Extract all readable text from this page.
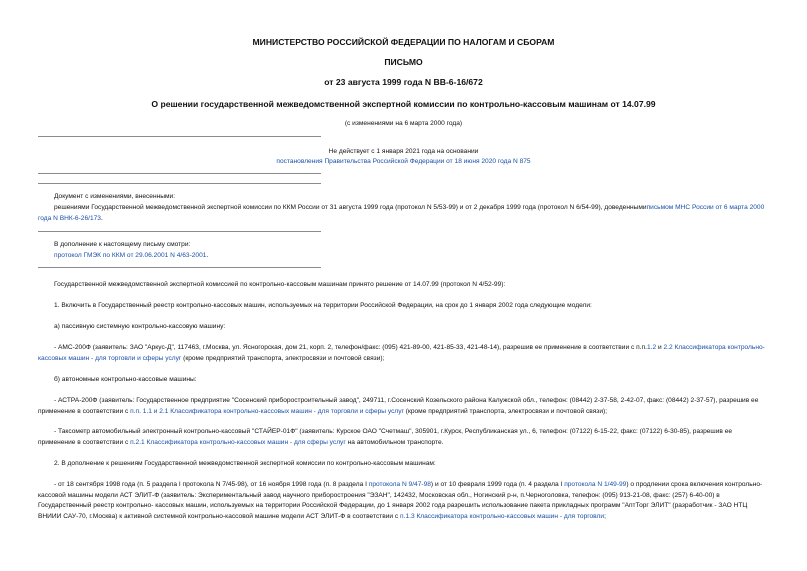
МИНИСТЕРСТВО РОССИЙСКОЙ ФЕДЕРАЦИИ ПО НАЛОГАМ И СБОРАМ
ПИСЬМО
от 23 августа 1999 года N ВВ-6-16/672
О решении государственной межведомственной экспертной комиссии по контрольно-кассовым машинам от 14.07.99
(с изменениями на 6 марта 2000 года)
Не действует с 1 января 2021 года на основании
постановления Правительства Российской Федерации от 18 июня 2020 года N 875

Документ с изменениями, внесенными:

решениями Государственной межведомственной экспертной комиссии по ККМ России от 31 августа 1999 года (протокол N 5/53-99) и от 2 декабря 1999 года (протокол N 6/54-99), доведеннымиписьмом МНС России от 6 марта 2000 года N ВНК-6-26/173.

В дополнение к настоящему письму смотри:

протокол ГМЭК по ККМ от 29.06.2001 N 4/63-2001.

Государственной межведомственной экспертной комиссией по контрольно-кассовым машинам принято решение от 14.07.99 (протокол N 4/52-99):

1. Включить в Государственный реестр контрольно-кассовых машин, используемых на территории Российской Федерации, на срок до 1 января 2002 года следующие модели:

а) пассивную системную контрольно-кассовую машину:

- АМС-200Ф (заявитель: ЗАО "Аркус-Д", 117463, г.Москва, ул. Ясногорская, дом 21, корп. 2, телефон/факс: (095) 421-89-00, 421-85-33, 421-48-14), разрешив ее применение в соответствии с п.п.1.2 и 2.2 Классификатора контрольно-кассовых машин - для торговли и сферы услуг (кроме предприятий транспорта, электросвязи и почтовой связи);

б) автономные контрольно-кассовые машины:

- АСТРА-200Ф (заявитель: Государственное предприятие "Сосенский приборостроительный завод", 249711, г.Сосенский Козельского района Калужской обл., телефон: (08442) 2-37-58, 2-42-07, факс: (08442) 2-37-57), разрешив ее применение в соответствии с п.п. 1.1 и 2.1 Классификатора контрольно-кассовых машин - для торговли и сферы услуг (кроме предприятий транспорта, электросвязи и почтовой связи);

- Таксометр автомобильный электронный контрольно-кассовый "СТАЙЕР-01Ф" (заявитель: Курское ОАО "Счетмаш", 305901, г.Курск, Республиканская ул., 6, телефон: (07122) 6-15-22, факс: (07122) 6-30-85), разрешив ее применение в соответствии с п.2.1 Классификатора контрольно-кассовых машин - для сферы услуг на автомобильном транспорте.

2. В дополнение к решениям Государственной межведомственной экспертной комиссии по контрольно-кассовым машинам:

- от 18 сентября 1998 года (п. 5 раздела I протокола N 7/45-98), от 16 ноября 1998 года (п. 8 раздела I протокола N 9/47-98) и от 10 февраля 1999 года (п. 4 раздела I протокола N 1/49-99) о продлении срока включения контрольно-кассовой машины модели АСТ ЭЛИТ-Ф (заявитель: Экспериментальный завод научного приборостроения "ЭЗАН", 142432, Московская обл., Ногинский р-н, п.Черноголовка, телефон: (095) 913-21-08, факс: (257) 6-40-00) в Государственный реестр контрольно- кассовых машин, используемых на территории Российской Федерации, до 1 января 2002 года разрешить использование пакета прикладных программ "АптТорг ЭЛИТ" (разработчик - ЗАО НТЦ ВНИИИ САУ-70, г.Москва) к активной системной контрольно-кассовой машине модели АСТ ЭЛИТ-Ф в соответствии с п.1.3 Классификатора контрольно-кассовых машин - для торговли;
